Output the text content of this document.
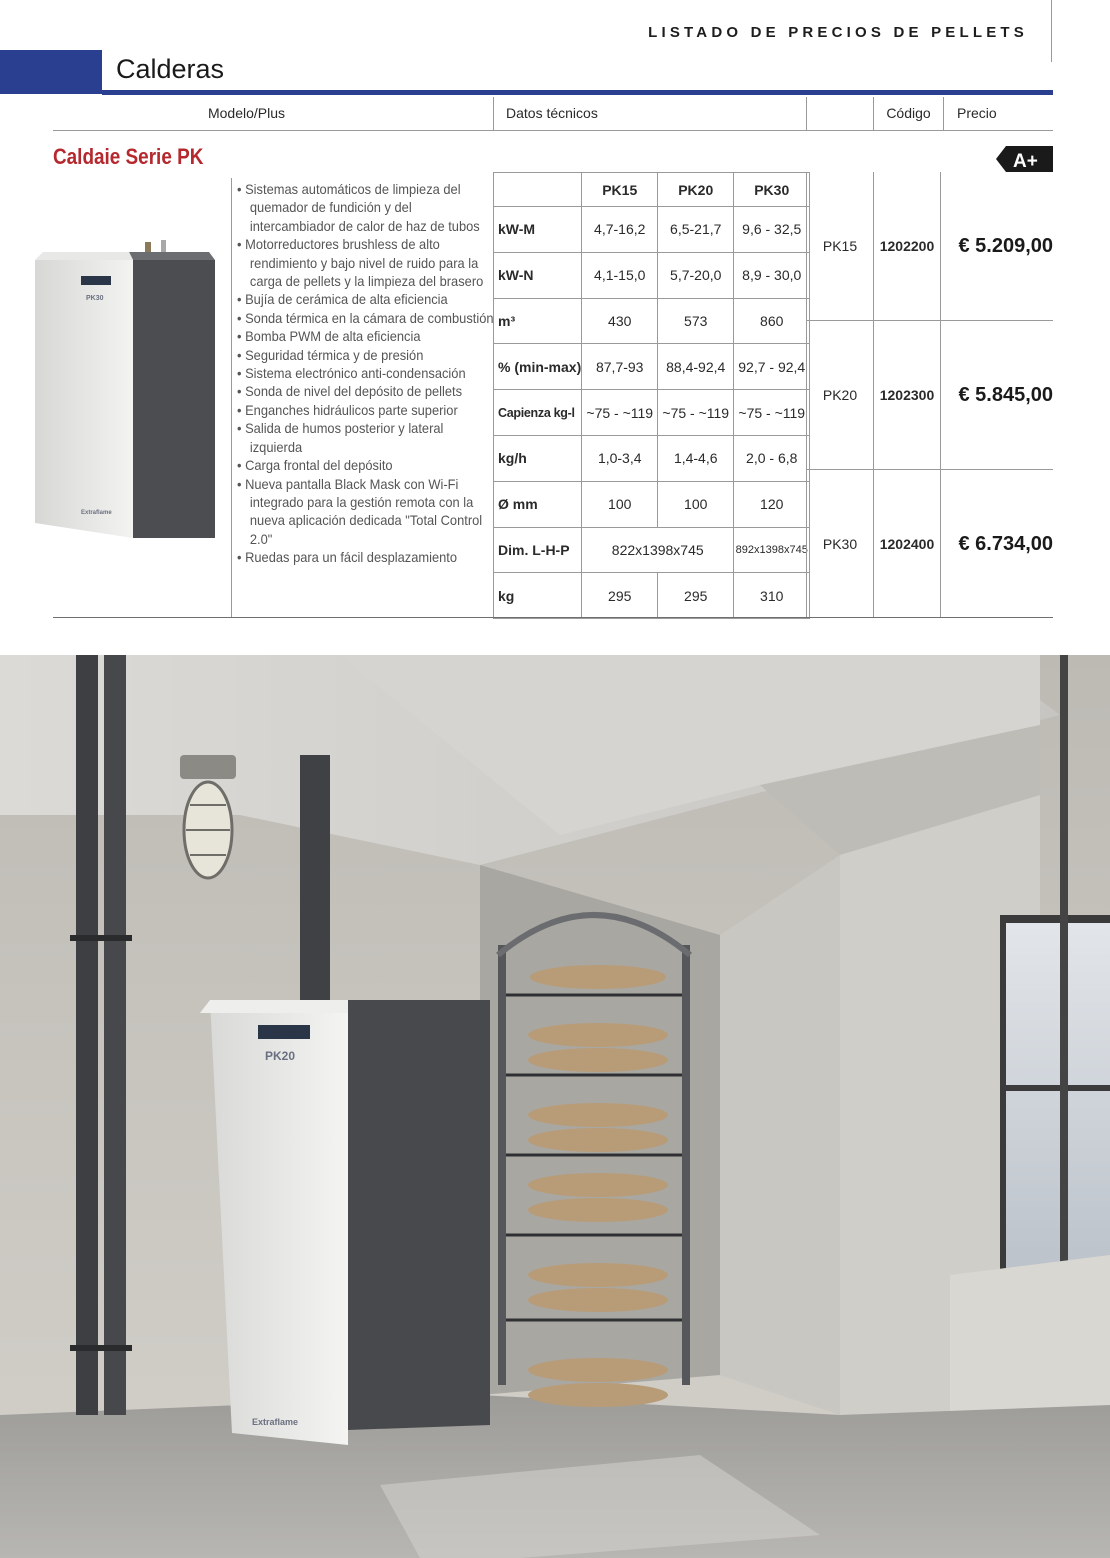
LISTADO DE PRECIOS DE PELLETS
Calderas
Modelo/Plus	Datos técnicos	Código	Precio
Caldaie Serie PK	A+
PK30
Extraflame
• Sistemas automáticos de limpieza del quemador de fundición y del intercambiador de calor de haz de tubos
• Motorreductores brushless de alto rendimiento y bajo nivel de ruido para la carga de pellets y la limpieza del brasero
• Bujía de cerámica de alta eficiencia
• Sonda térmica en la cámara de combustión
• Bomba PWM de alta eficiencia
• Seguridad térmica y de presión
• Sistema electrónico anti-condensación
• Sonda de nivel del depósito de pellets
• Enganches hidráulicos parte superior
• Salida de humos posterior y lateral izquierda
• Carga frontal del depósito
• Nueva pantalla Black Mask con Wi-Fi integrado para la gestión remota con la nueva aplicación dedicada "Total Control 2.0"
• Ruedas para un fácil desplazamiento
	PK15	PK20	PK30
kW-M	4,7-16,2	6,5-21,7	9,6 - 32,5
kW-N	4,1-15,0	5,7-20,0	8,9 - 30,0
m³	430	573	860
% (min-max)	87,7-93	88,4-92,4	92,7 - 92,4
Capienza kg-l	~75 - ~119	~75 - ~119	~75 - ~119
kg/h	1,0-3,4	1,4-4,6	2,0 - 6,8
Ø mm	100	100	120
Dim. L-H-P	822x1398x745		892x1398x745
kg	295	295	310
PK15	1202200	€ 5.209,00
PK20	1202300	€ 5.845,00
PK30	1202400	€ 6.734,00
PK20
Extraflame
